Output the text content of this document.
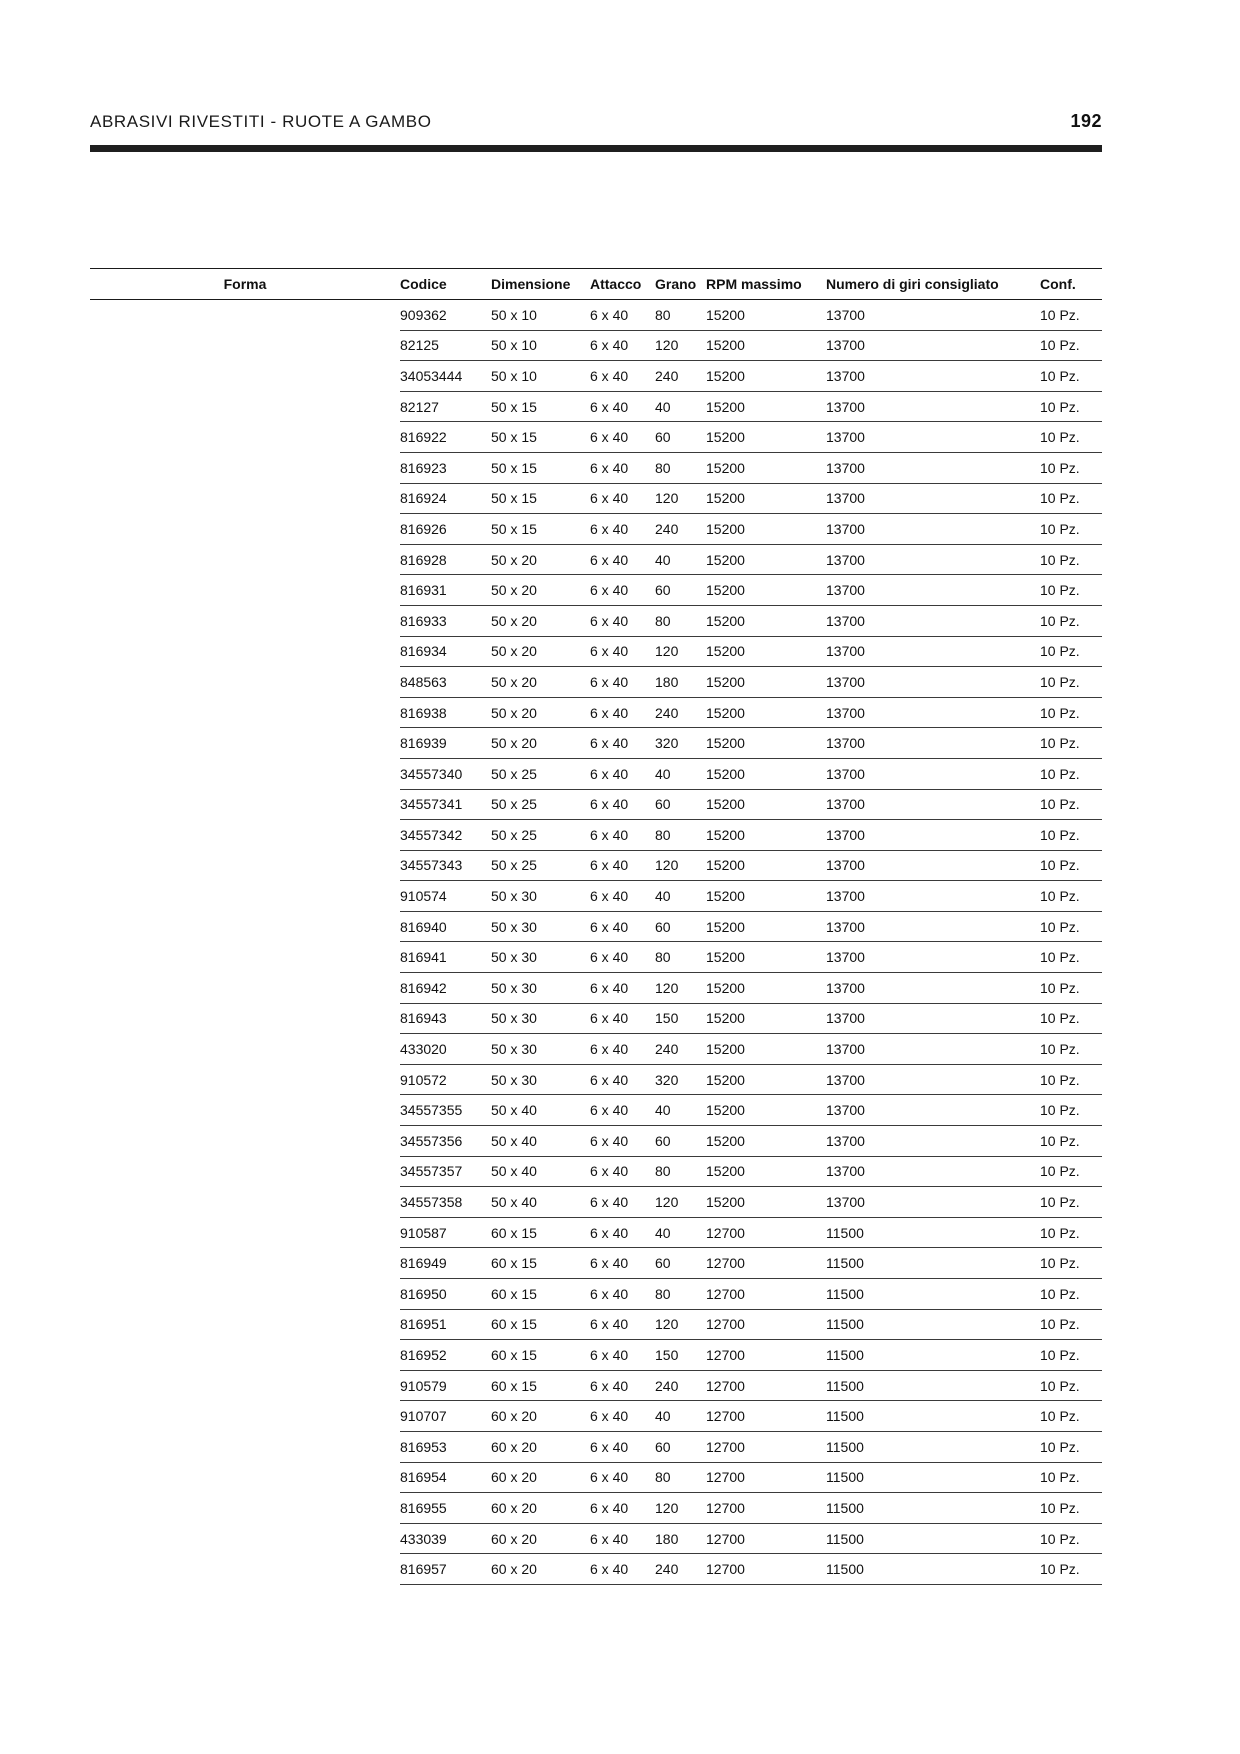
ABRASIVI RIVESTITI - RUOTE A GAMBO	192
Forma	Codice	Dimensione	Attacco	Grano	RPM massimo	Numero di giri consigliato	Conf.
	909362	50 x 10	6 x 40	80	15200	13700	10 Pz.
	82125	50 x 10	6 x 40	120	15200	13700	10 Pz.
	34053444	50 x 10	6 x 40	240	15200	13700	10 Pz.
	82127	50 x 15	6 x 40	40	15200	13700	10 Pz.
	816922	50 x 15	6 x 40	60	15200	13700	10 Pz.
	816923	50 x 15	6 x 40	80	15200	13700	10 Pz.
	816924	50 x 15	6 x 40	120	15200	13700	10 Pz.
	816926	50 x 15	6 x 40	240	15200	13700	10 Pz.
	816928	50 x 20	6 x 40	40	15200	13700	10 Pz.
	816931	50 x 20	6 x 40	60	15200	13700	10 Pz.
	816933	50 x 20	6 x 40	80	15200	13700	10 Pz.
	816934	50 x 20	6 x 40	120	15200	13700	10 Pz.
	848563	50 x 20	6 x 40	180	15200	13700	10 Pz.
	816938	50 x 20	6 x 40	240	15200	13700	10 Pz.
	816939	50 x 20	6 x 40	320	15200	13700	10 Pz.
	34557340	50 x 25	6 x 40	40	15200	13700	10 Pz.
	34557341	50 x 25	6 x 40	60	15200	13700	10 Pz.
	34557342	50 x 25	6 x 40	80	15200	13700	10 Pz.
	34557343	50 x 25	6 x 40	120	15200	13700	10 Pz.
	910574	50 x 30	6 x 40	40	15200	13700	10 Pz.
	816940	50 x 30	6 x 40	60	15200	13700	10 Pz.
	816941	50 x 30	6 x 40	80	15200	13700	10 Pz.
	816942	50 x 30	6 x 40	120	15200	13700	10 Pz.
	816943	50 x 30	6 x 40	150	15200	13700	10 Pz.
	433020	50 x 30	6 x 40	240	15200	13700	10 Pz.
	910572	50 x 30	6 x 40	320	15200	13700	10 Pz.
	34557355	50 x 40	6 x 40	40	15200	13700	10 Pz.
	34557356	50 x 40	6 x 40	60	15200	13700	10 Pz.
	34557357	50 x 40	6 x 40	80	15200	13700	10 Pz.
	34557358	50 x 40	6 x 40	120	15200	13700	10 Pz.
	910587	60 x 15	6 x 40	40	12700	11500	10 Pz.
	816949	60 x 15	6 x 40	60	12700	11500	10 Pz.
	816950	60 x 15	6 x 40	80	12700	11500	10 Pz.
	816951	60 x 15	6 x 40	120	12700	11500	10 Pz.
	816952	60 x 15	6 x 40	150	12700	11500	10 Pz.
	910579	60 x 15	6 x 40	240	12700	11500	10 Pz.
	910707	60 x 20	6 x 40	40	12700	11500	10 Pz.
	816953	60 x 20	6 x 40	60	12700	11500	10 Pz.
	816954	60 x 20	6 x 40	80	12700	11500	10 Pz.
	816955	60 x 20	6 x 40	120	12700	11500	10 Pz.
	433039	60 x 20	6 x 40	180	12700	11500	10 Pz.
	816957	60 x 20	6 x 40	240	12700	11500	10 Pz.
